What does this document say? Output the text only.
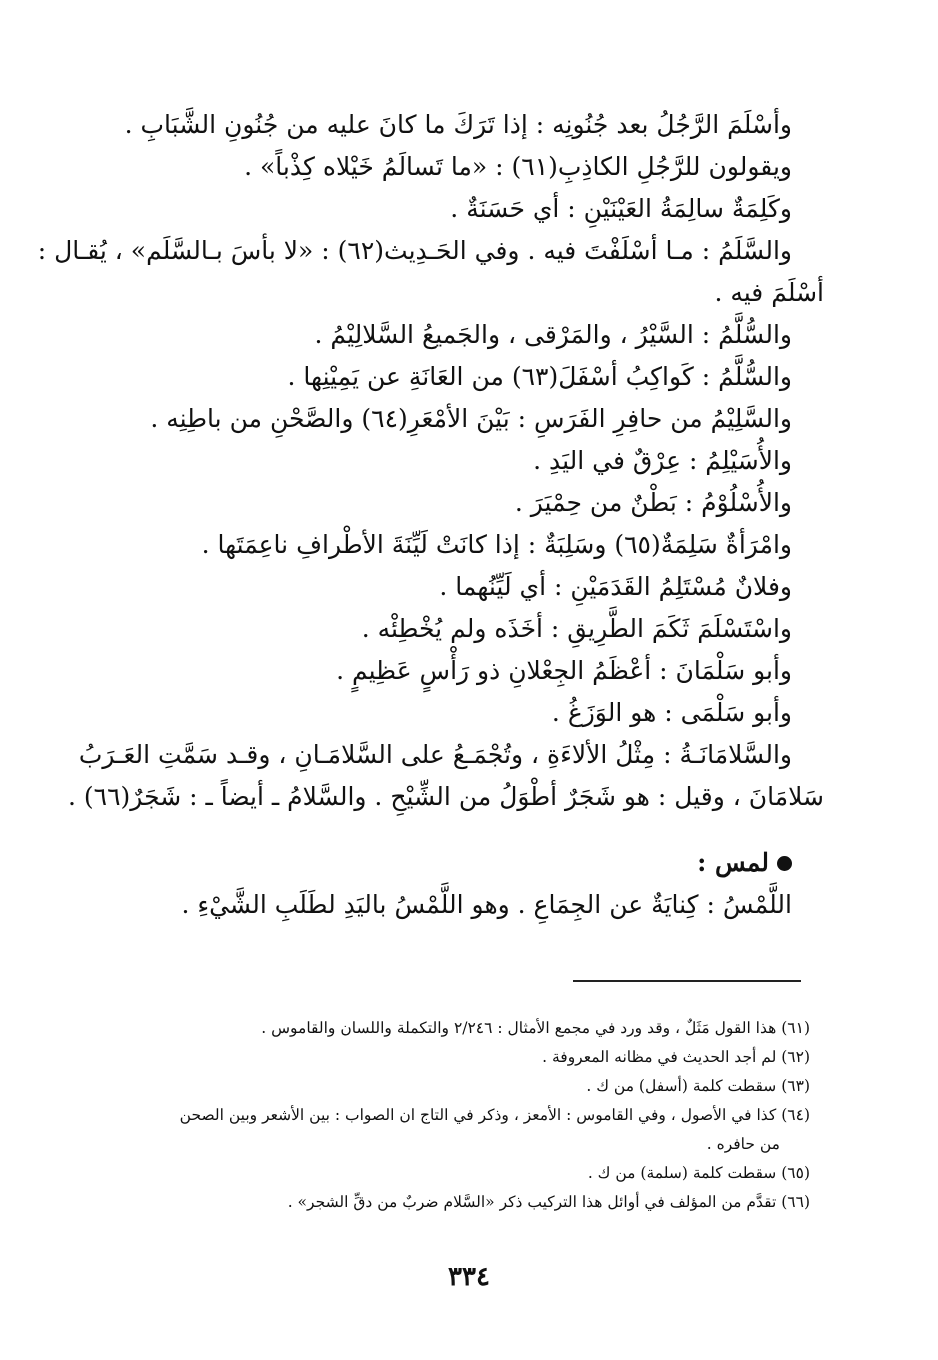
وأسْلَمَ الرَّجُلُ بعد جُنُونِه : إذا تَرَكَ ما كانَ عليه من جُنُونِ الشَّبَابِ .
ويقولون للرَّجُلِ الكاذِبِ(٦١) : «ما تَسالَمُ خَيْلاه كِذْباً» .
وكَلِمَةٌ سالِمَةُ العَيْنَيْنِ : أي حَسَنَةٌ .
والسَّلَمُ : مـا أسْلَفْتَ فيه . وفي الحَـدِيث(٦٢) : «لا بأسَ بـالسَّلَم» ، يُقـال :
أسْلَمَ فيه .
والسُّلَّمُ : السَّيْرُ ، والمَرْقى ، والجَميعُ السَّلالِيْمُ .
والسُّلَّمُ : كَواكِبُ أسْفَلَ(٦٣) من العَانَةِ عن يَمِيْنِها .
والسَّلِيْمُ من حافِرِ الفَرَسِ : بَيْنَ الأمْعَرِ(٦٤) والصَّحْنِ من باطِنِه .
والأُسَيْلِمُ : عِرْقٌ في اليَدِ .
والأُسْلُوْمُ : بَطْنٌ من حِمْيَرَ .
وامْرَأةٌ سَلِمَةٌ(٦٥) وسَلِبَةٌ : إذا كانَتْ لَيِّنَةَ الأطْرافِ ناعِمَتَها .
وفلانٌ مُسْتَلِمُ القَدَمَيْنِ : أي لَيِّنُهما .
واسْتَسْلَمَ ثَكَمَ الطَّرِيقِ : أخَذَه ولم يُخْطِئْه .
وأبو سَلْمَانَ : أعْظَمُ الجِعْلانِ ذو رَأْسٍ عَظِيمٍ .
وأبو سَلْمَى : هو الوَزَغُ .
والسَّلامَانَـةُ : مِثْلُ الألاءَةِ ، وتُجْمَـعُ على السَّلامَـانِ ، وقـد سَمَّتِ العَـرَبُ
سَلامَانَ ، وقيل : هو شَجَرٌ أطْوَلُ من الشِّيْحِ . والسَّلامُ ـ أيضاً ـ : شَجَرٌ(٦٦) .
لمس :
اللَّمْسُ : كِنايَةٌ عن الجِمَاعِ . وهو اللَّمْسُ باليَدِ لطَلَبِ الشَّيْءِ .
(٦١) هذا القول مَثَلٌ ، وقد ورد في مجمع الأمثال : ٢/٢٤٦ والتكملة واللسان والقاموس .
(٦٢) لم أجد الحديث في مظانه المعروفة .
(٦٣) سقطت كلمة (أسفل) من ك .
(٦٤) كذا في الأصول ، وفي القاموس : الأمعز ، وذكر في التاج ان الصواب : بين الأشعر وبين الصحن
من حافره .
(٦٥) سقطت كلمة (سلمة) من ك .
(٦٦) تقدَّم من المؤلف في أوائل هذا التركيب ذكر «السَّلام ضربٌ من دقِّ الشجر» .
٣٣٤
